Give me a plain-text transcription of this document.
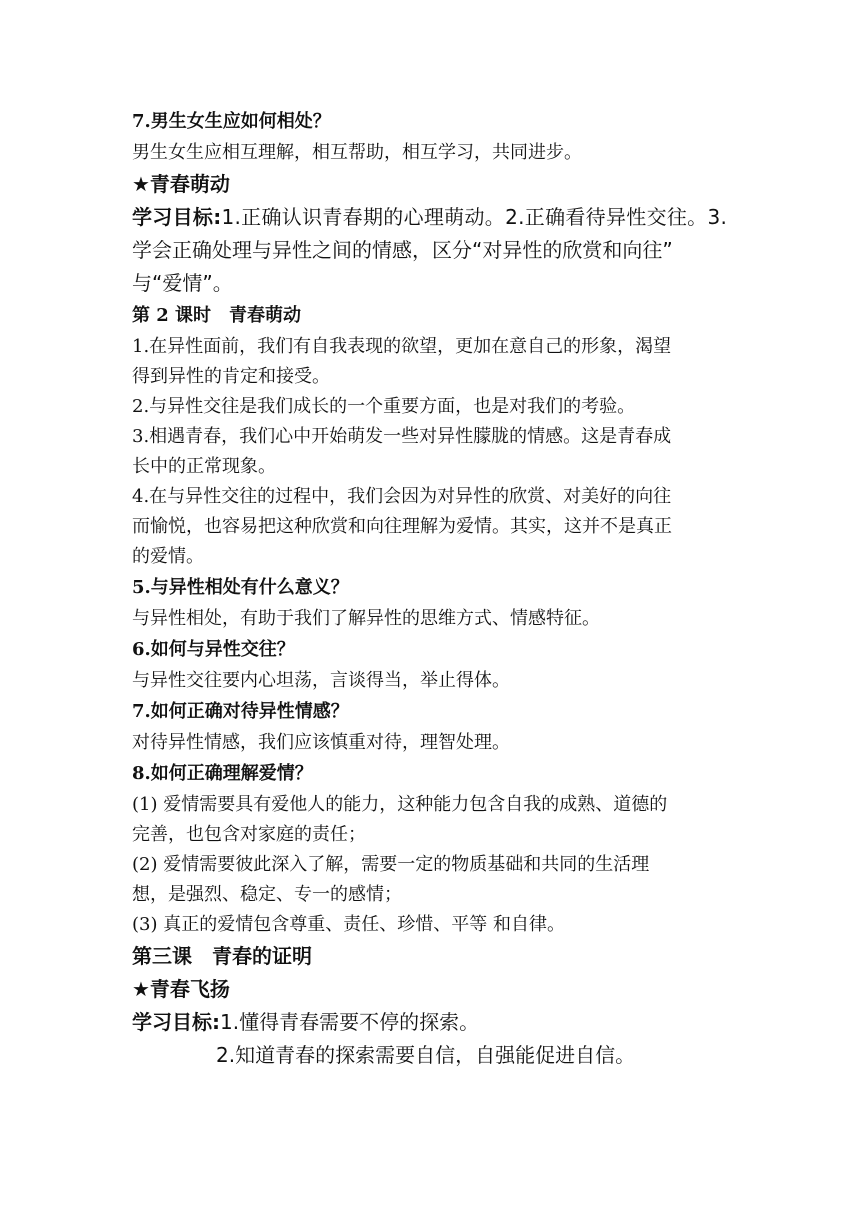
7.男生女生应如何相处？

男生女生应相互理解，相互帮助，相互学习，共同进步。

★青春萌动

学习目标:1.正确认识青春期的心理萌动。2.正确看待异性交往。3.

学会正确处理与异性之间的情感，区分“对异性的欣赏和向往”

与“爱情”。

第 2 课时　青春萌动

1.在异性面前，我们有自我表现的欲望，更加在意自己的形象，渴望

得到异性的肯定和接受。

2.与异性交往是我们成长的一个重要方面，也是对我们的考验。

3.相遇青春，我们心中开始萌发一些对异性朦胧的情感。这是青春成

长中的正常现象。

4.在与异性交往的过程中，我们会因为对异性的欣赏、对美好的向往

而愉悦，也容易把这种欣赏和向往理解为爱情。其实，这并不是真正

的爱情。

5.与异性相处有什么意义？

与异性相处，有助于我们了解异性的思维方式、情感特征。

6.如何与异性交往？

与异性交往要内心坦荡，言谈得当，举止得体。

7.如何正确对待异性情感？

对待异性情感，我们应该慎重对待，理智处理。

8.如何正确理解爱情？

(1) 爱情需要具有爱他人的能力，这种能力包含自我的成熟、道德的

完善，也包含对家庭的责任；

(2) 爱情需要彼此深入了解，需要一定的物质基础和共同的生活理

想，是强烈、稳定、专一的感情；

(3) 真正的爱情包含尊重、责任、珍惜、平等 和自律。

第三课　青春的证明

★青春飞扬

学习目标:1.懂得青春需要不停的探索。

2.知道青春的探索需要自信，自强能促进自信。
